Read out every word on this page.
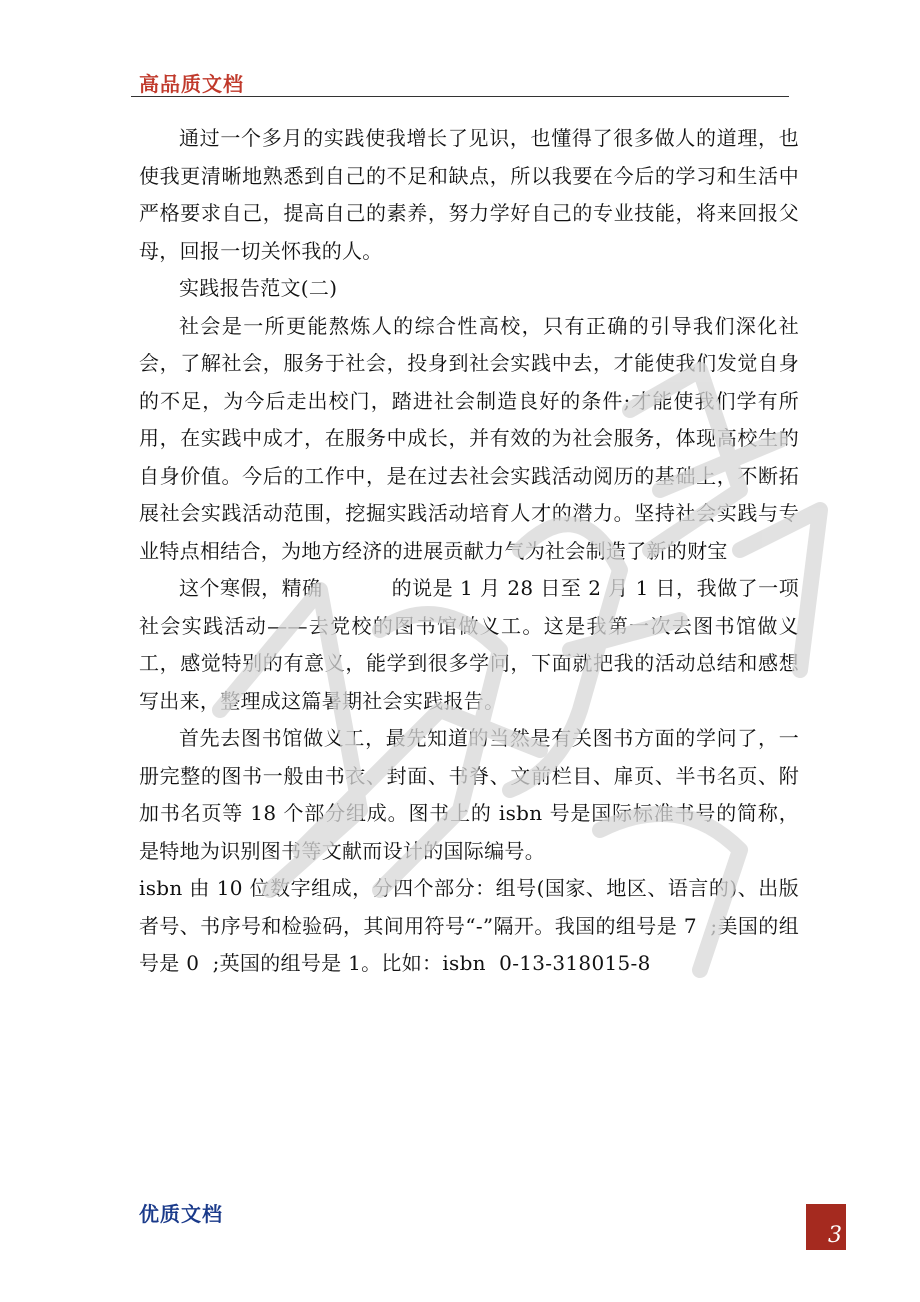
高品质文档

通过一个多月的实践使我增长了见识，也懂得了很多做人的道理，也使我更清晰地熟悉到自己的不足和缺点，所以我要在今后的学习和生活中严格要求自己，提高自己的素养，努力学好自己的专业技能，将来回报父母，回报一切关怀我的人。

实践报告范文(二)

社会是一所更能熬炼人的综合性高校，只有正确的引导我们深化社会，了解社会，服务于社会，投身到社会实践中去，才能使我们发觉自身的不足，为今后走出校门，踏进社会制造良好的条件;才能使我们学有所用，在实践中成才，在服务中成长，并有效的为社会服务，体现高校生的自身价值。今后的工作中，是在过去社会实践活动阅历的基础上，不断拓展社会实践活动范围，挖掘实践活动培育人才的潜力。坚持社会实践与专业特点相结合，为地方经济的进展贡献力气为社会制造了新的财宝

这个寒假，精确          的说是 1 月 28 日至 2 月 1 日，我做了一项社会实践活动——去党校的图书馆做义工。这是我第一次去图书馆做义工，感觉特别的有意义，能学到很多学问，下面就把我的活动总结和感想写出来，整理成这篇暑期社会实践报告。

首先去图书馆做义工，最先知道的当然是有关图书方面的学问了，一册完整的图书一般由书衣、封面、书脊、文前栏目、扉页、半书名页、附加书名页等 18 个部分组成。图书上的 isbn 号是国际标准书号的简称，是特地为识别图书等文献而设计的国际编号。

isbn 由 10 位数字组成，分四个部分：组号(国家、地区、语言的)、出版者号、书序号和检验码，其间用符号“-”隔开。我国的组号是 7  ;美国的组号是 0  ;英国的组号是 1。比如：isbn  0-13-318015-8

优质文档
3
